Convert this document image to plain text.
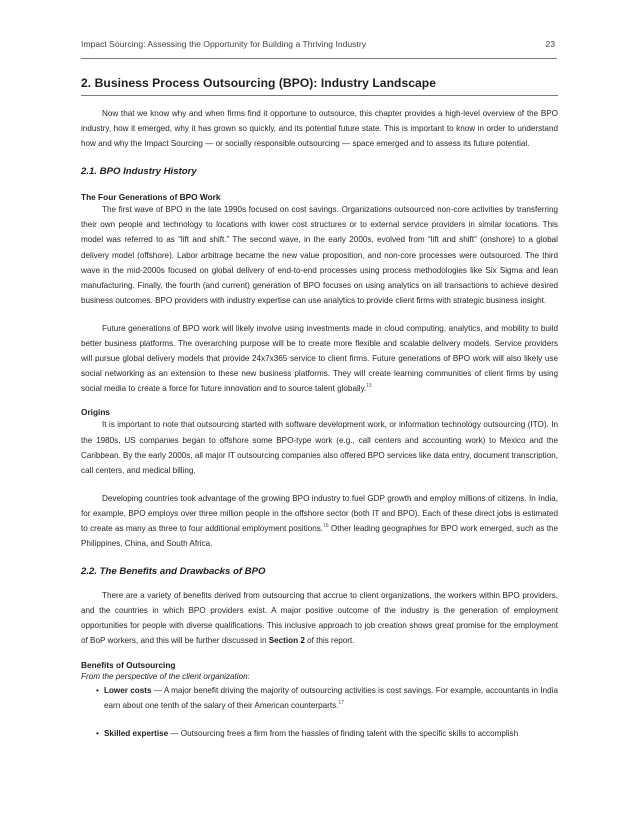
Impact Sourcing: Assessing the Opportunity for Building a Thriving Industry	23
2. Business Process Outsourcing (BPO): Industry Landscape

Now that we know why and when firms find it opportune to outsource, this chapter provides a high-level overview of the BPO industry, how it emerged, why it has grown so quickly, and its potential future state. This is important to know in order to understand how and why the Impact Sourcing — or socially responsible outsourcing — space emerged and to assess its future potential.

2.1. BPO Industry History
The Four Generations of BPO Work

The first wave of BPO in the late 1990s focused on cost savings. Organizations outsourced non-core activities by transferring their own people and technology to locations with lower cost structures or to external service providers in similar locations. This model was referred to as “lift and shift.” The second wave, in the early 2000s, evolved from “lift and shift” (onshore) to a global delivery model (offshore). Labor arbitrage became the new value proposition, and non-core processes were outsourced. The third wave in the mid-2000s focused on global delivery of end-to-end processes using process methodologies like Six Sigma and lean manufacturing. Finally, the fourth (and current) generation of BPO focuses on using analytics on all transactions to achieve desired business outcomes. BPO providers with industry expertise can use analytics to provide client firms with strategic business insight.

Future generations of BPO work will likely involve using investments made in cloud computing, analytics, and mobility to build better business platforms. The overarching purpose will be to create more flexible and scalable delivery models. Service providers will pursue global delivery models that provide 24x7x365 service to client firms. Future generations of BPO work will also likely use social networking as an extension to these new business platforms. They will create learning communities of client firms by using social media to create a force for future innovation and to source talent globally.$^{15}$

Origins

It is important to note that outsourcing started with software development work, or information technology outsourcing (ITO). In the 1980s, US companies began to offshore some BPO-type work (e.g., call centers and accounting work) to Mexico and the Caribbean. By the early 2000s, all major IT outsourcing companies also offered BPO services like data entry, document transcription, call centers, and medical billing.

Developing countries took advantage of the growing BPO industry to fuel GDP growth and employ millions of citizens. In India, for example, BPO employs over three million people in the offshore sector (both IT and BPO). Each of these direct jobs is estimated to create as many as three to four additional employment positions.$^{16}$ Other leading geographies for BPO work emerged, such as the Philippines, China, and South Africa.

2.2. The Benefits and Drawbacks of BPO

There are a variety of benefits derived from outsourcing that accrue to client organizations, the workers within BPO providers, and the countries in which BPO providers exist. A major positive outcome of the industry is the generation of employment opportunities for people with diverse qualifications. This inclusive approach to job creation shows great promise for the employment of BoP workers, and this will be further discussed in Section 2 of this report.

Benefits of Outsourcing
From the perspective of the client organization:
• Lower costs — A major benefit driving the majority of outsourcing activities is cost savings. For example, accountants in India earn about one tenth of the salary of their American counterparts.$^{17}$
• Skilled expertise — Outsourcing frees a firm from the hassles of finding talent with the specific skills to accomplish
